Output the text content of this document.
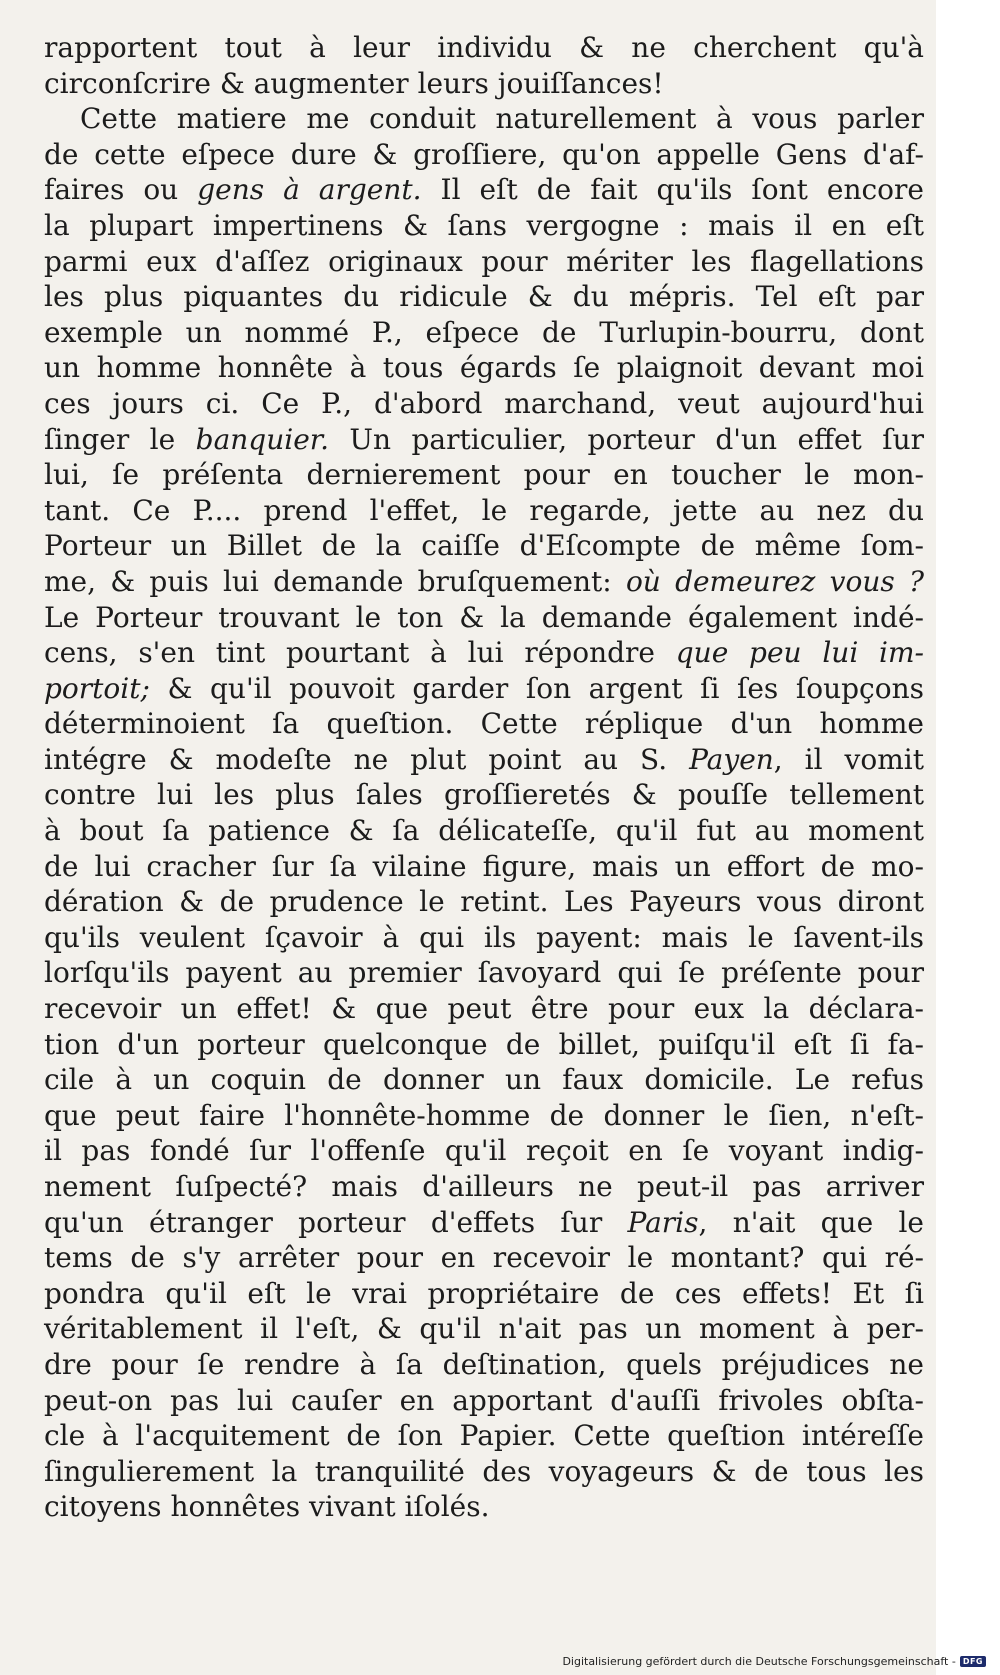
rapportent tout à leur individu & ne cherchent qu'à
circonſcrire & augmenter leurs jouiſſances!
Cette matiere me conduit naturellement à vous parler
de cette eſpece dure & groſſiere, qu'on appelle Gens d'af-
faires ou gens à argent. Il eſt de fait qu'ils ſont encore
la plupart impertinens & ſans vergogne : mais il en eſt
parmi eux d'aſſez originaux pour mériter les flagellations
les plus piquantes du ridicule & du mépris. Tel eſt par
exemple un nommé P., eſpece de Turlupin-bourru, dont
un homme honnête à tous égards ſe plaignoit devant moi
ces jours ci. Ce P., d'abord marchand, veut aujourd'hui
ſinger le banquier. Un particulier, porteur d'un effet ſur
lui, ſe préſenta dernierement pour en toucher le mon-
tant. Ce P.... prend l'effet, le regarde, jette au nez du
Porteur un Billet de la caiſſe d'Eſcompte de même ſom-
me, & puis lui demande bruſquement: où demeurez vous ?
Le Porteur trouvant le ton & la demande également indé-
cens, s'en tint pourtant à lui répondre que peu lui im-
portoit; & qu'il pouvoit garder ſon argent ſi ſes ſoupçons
déterminoient ſa queſtion. Cette réplique d'un homme
intégre & modeſte ne plut point au S. Payen, il vomit
contre lui les plus ſales groſſieretés & pouſſe tellement
à bout ſa patience & ſa délicateſſe, qu'il fut au moment
de lui cracher ſur ſa vilaine figure, mais un effort de mo-
dération & de prudence le retint. Les Payeurs vous diront
qu'ils veulent ſçavoir à qui ils payent: mais le ſavent-ils
lorſqu'ils payent au premier ſavoyard qui ſe préſente pour
recevoir un effet! & que peut être pour eux la déclara-
tion d'un porteur quelconque de billet, puiſqu'il eſt ſi fa-
cile à un coquin de donner un faux domicile. Le refus
que peut faire l'honnête-homme de donner le ſien, n'eſt-
il pas fondé ſur l'offenſe qu'il reçoit en ſe voyant indig-
nement ſuſpecté? mais d'ailleurs ne peut-il pas arriver
qu'un étranger porteur d'effets ſur Paris, n'ait que le
tems de s'y arrêter pour en recevoir le montant? qui ré-
pondra qu'il eſt le vrai propriétaire de ces effets! Et ſi
véritablement il l'eſt, & qu'il n'ait pas un moment à per-
dre pour ſe rendre à ſa deſtination, quels préjudices ne
peut-on pas lui cauſer en apportant d'auſſi frivoles obſta-
cle à l'acquitement de ſon Papier. Cette queſtion intéreſſe
ſingulierement la tranquilité des voyageurs & de tous les
citoyens honnêtes vivant iſolés.
Digitalisierung gefördert durch die Deutsche Forschungsgemeinschaft - DFG
